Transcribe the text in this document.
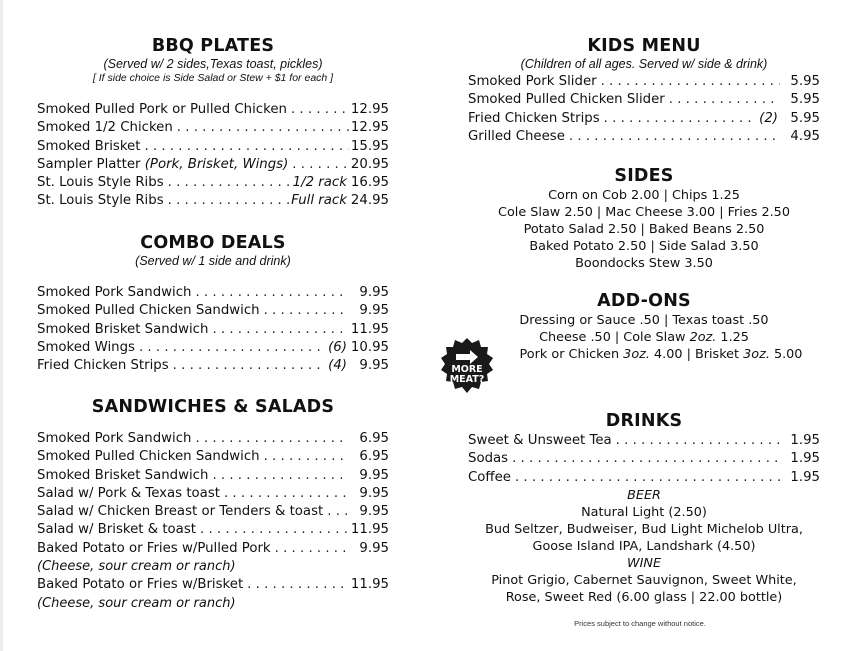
BBQ PLATES
(Served w/ 2 sides,Texas toast, pickles)
[ If side choice is Side Salad or Stew + $1 for each ]
Smoked Pulled Pork or Pulled Chicken . . .	12.95
Smoked 1/2 Chicken . . .	12.95
Smoked Brisket . . .	15.95
Sampler Platter (Pork, Brisket, Wings) . . .	20.95
St. Louis Style Ribs . . .	1/2 rack 16.95
St. Louis Style Ribs . . .	Full rack 24.95
COMBO DEALS
(Served w/ 1 side and drink)
Smoked Pork Sandwich . . .	9.95
Smoked Pulled Chicken Sandwich . . .	9.95
Smoked Brisket Sandwich . . .	11.95
Smoked Wings . . .	(6) 10.95
Fried Chicken Strips . . .	(4) 9.95
SANDWICHES & SALADS
Smoked Pork Sandwich . . .	6.95
Smoked Pulled Chicken Sandwich . . .	6.95
Smoked Brisket Sandwich . . .	9.95
Salad w/ Pork & Texas toast . . .	9.95
Salad w/ Chicken Breast or Tenders & toast . . .	9.95
Salad w/ Brisket & toast . . .	11.95
Baked Potato or Fries w/Pulled Pork . . .	9.95
(Cheese, sour cream or ranch)
Baked Potato or Fries w/Brisket . . .	11.95
(Cheese, sour cream or ranch)
KIDS MENU
(Children of all ages. Served w/ side & drink)
Smoked Pork Slider . . .	5.95
Smoked Pulled Chicken Slider . . .	5.95
Fried Chicken Strips . . .	(2) 5.95
Grilled Cheese . . .	4.95
SIDES
Corn on Cob 2.00 | Chips 1.25
Cole Slaw 2.50 | Mac Cheese 3.00 | Fries 2.50
Potato Salad 2.50 | Baked Beans 2.50
Baked Potato 2.50 | Side Salad 3.50
Boondocks Stew 3.50
ADD-ONS
Dressing or Sauce .50 | Texas toast .50
Cheese .50 | Cole Slaw 2oz. 1.25
Pork or Chicken 3oz. 4.00 | Brisket 3oz. 5.00
DRINKS
Sweet & Unsweet Tea . . .	1.95
Sodas . . .	1.95
Coffee . . .	1.95
BEER
Natural Light (2.50)
Bud Seltzer, Budweiser, Bud Light Michelob Ultra,
Goose Island IPA, Landshark (4.50)
WINE
Pinot Grigio, Cabernet Sauvignon, Sweet White,
Rose, Sweet Red (6.00 glass | 22.00 bottle)
MORE
MEAT?
Prices subject to change without notice.
